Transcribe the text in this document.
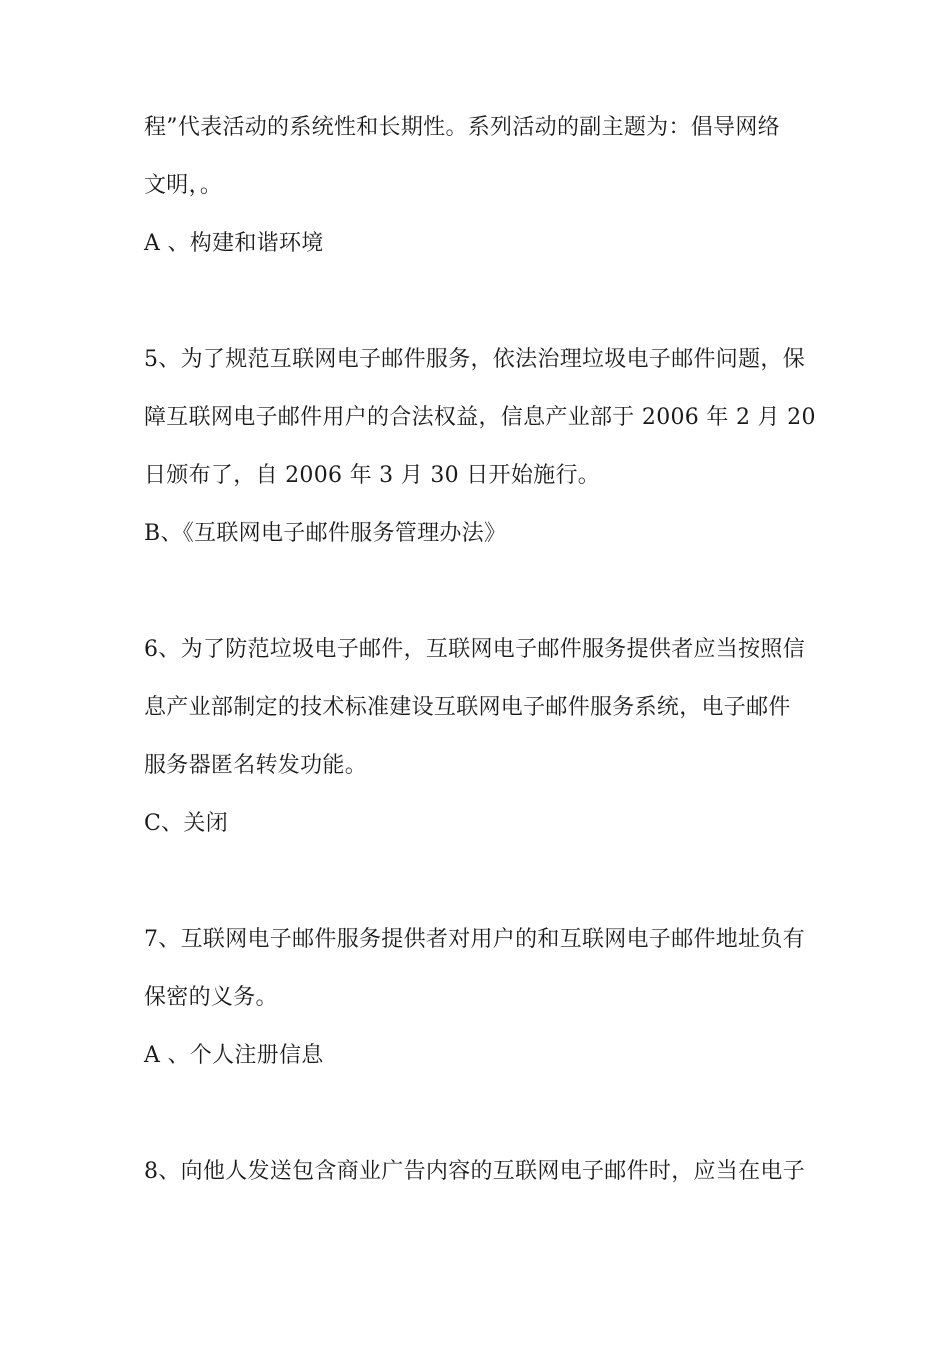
程”代表活动的系统性和长期性。系列活动的副主题为：倡导网络
文明，。
A 、构建和谐环境
5、为了规范互联网电子邮件服务，依法治理垃圾电子邮件问题，保
障互联网电子邮件用户的合法权益，信息产业部于 2006 年 2 月 20
日颁布了，自 2006 年 3 月 30 日开始施行。
B、《互联网电子邮件服务管理办法》
6、为了防范垃圾电子邮件，互联网电子邮件服务提供者应当按照信
息产业部制定的技术标准建设互联网电子邮件服务系统，电子邮件
服务器匿名转发功能。
C、关闭
7、互联网电子邮件服务提供者对用户的和互联网电子邮件地址负有
保密的义务。
A 、个人注册信息
8、向他人发送包含商业广告内容的互联网电子邮件时，应当在电子
